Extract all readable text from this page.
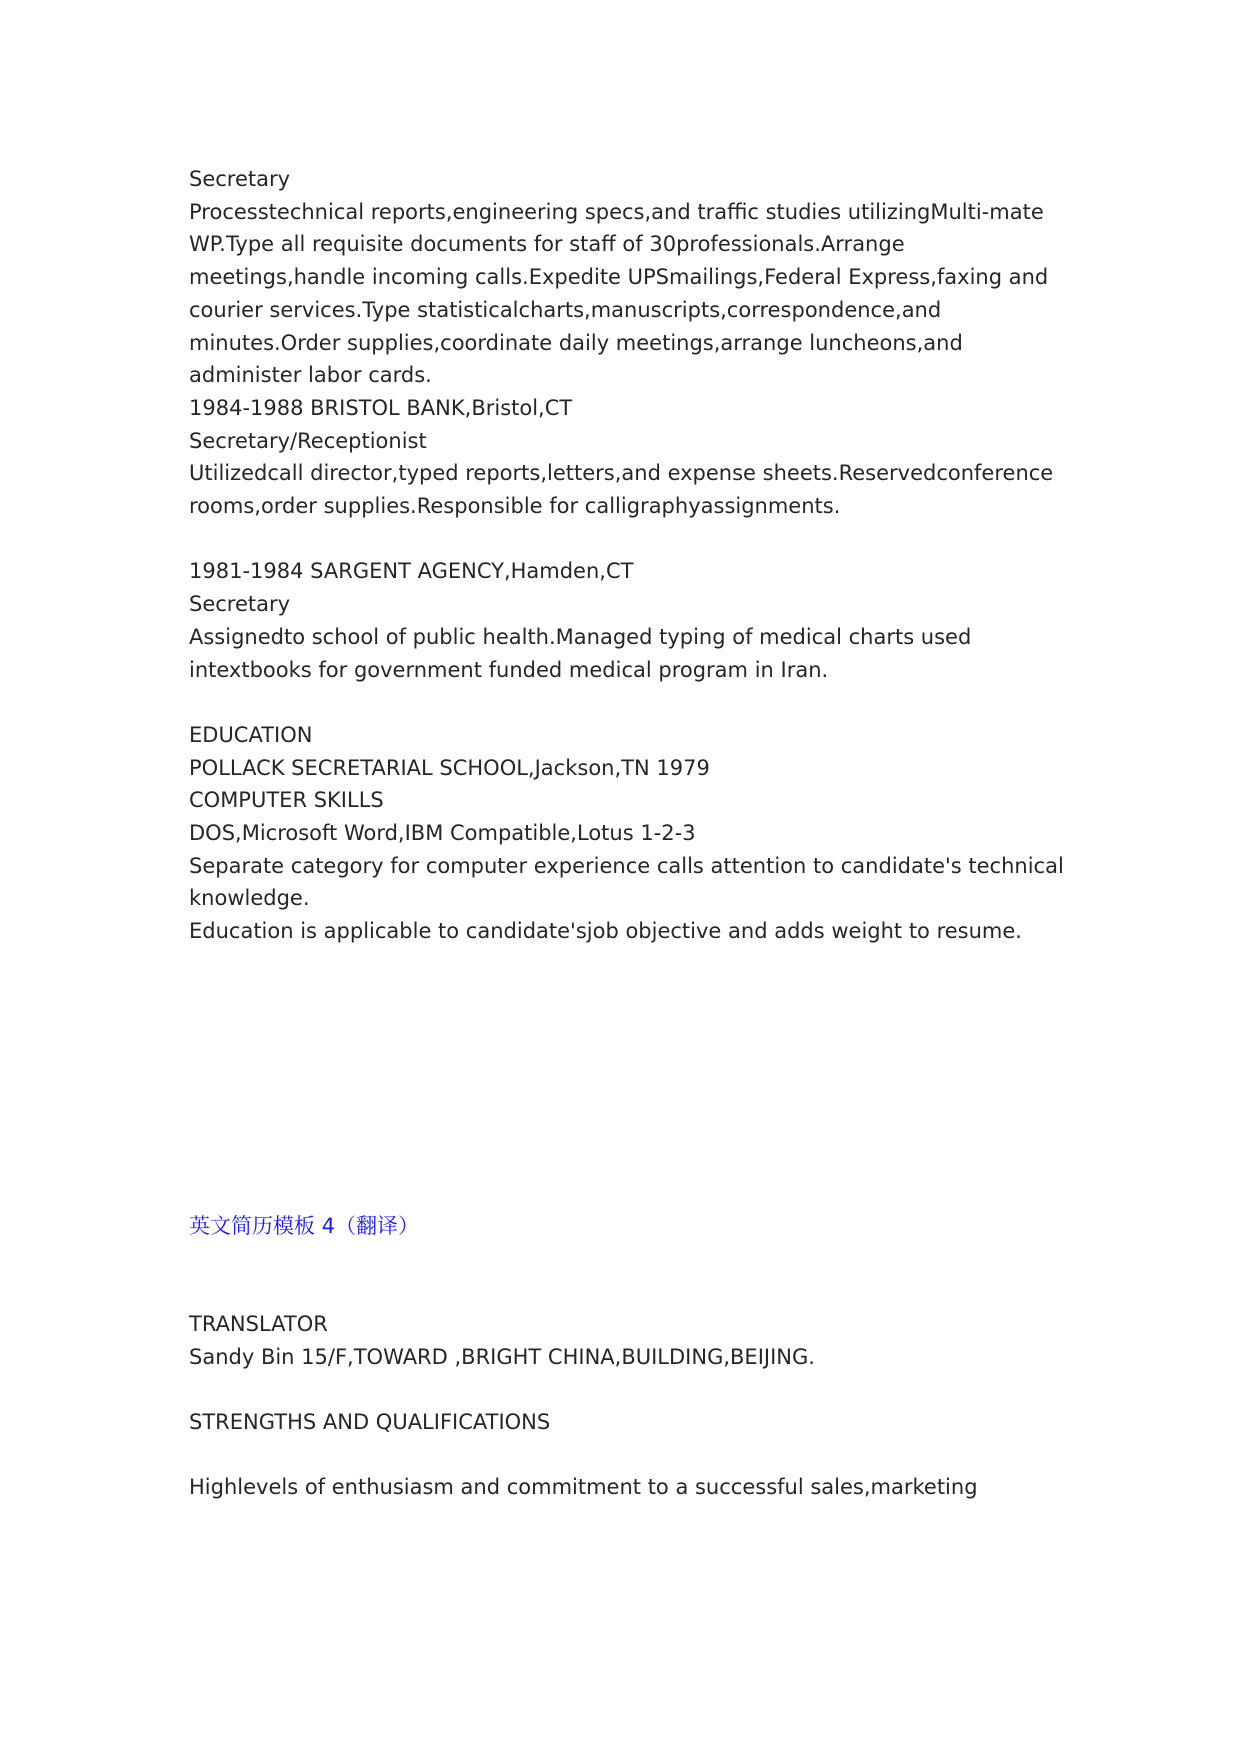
Secretary
Processtechnical reports,engineering specs,and traffic studies utilizingMulti-mate WP.Type all requisite documents for staff of 30professionals.Arrange meetings,handle incoming calls.Expedite UPSmailings,Federal Express,faxing and courier services.Type statisticalcharts,manuscripts,correspondence,and minutes.Order supplies,coordinate daily meetings,arrange luncheons,and administer labor cards.
1984-1988 BRISTOL BANK,Bristol,CT
Secretary/Receptionist
Utilizedcall director,typed reports,letters,and expense sheets.Reservedconference rooms,order supplies.Responsible for calligraphyassignments.
1981-1984 SARGENT AGENCY,Hamden,CT
Secretary
Assignedto school of public health.Managed typing of medical charts used intextbooks for government funded medical program in Iran.
EDUCATION
POLLACK SECRETARIAL SCHOOL,Jackson,TN 1979
COMPUTER SKILLS
DOS,Microsoft Word,IBM Compatible,Lotus 1-2-3
Separate category for computer experience calls attention to candidate's technical knowledge.
Education is applicable to candidate'sjob objective and adds weight to resume.
英文简历模板 4（翻译）
TRANSLATOR
Sandy Bin 15/F,TOWARD ,BRIGHT CHINA,BUILDING,BEIJING.
STRENGTHS AND QUALIFICATIONS
Highlevels of enthusiasm and commitment to a successful sales,marketing
